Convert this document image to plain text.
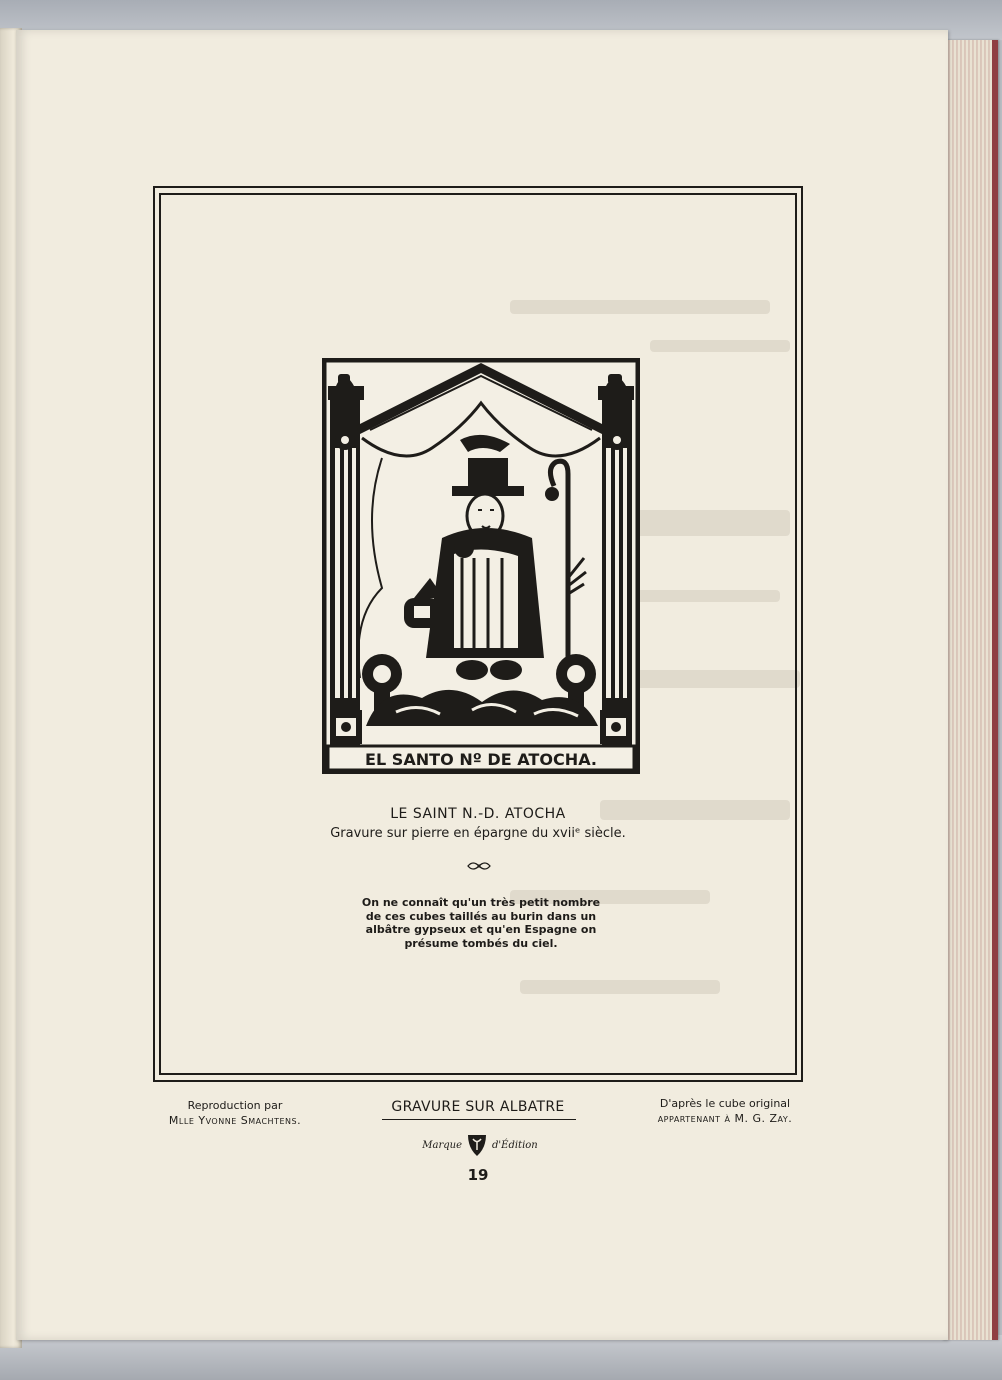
EL SANTO Nº DE ATOCHA.
LE SAINT N.-D. ATOCHA
Gravure sur pierre en épargne du xviiᵉ siècle.
On ne connaît qu'un très petit nombre
de ces cubes taillés au burin dans un
albâtre gypseux et qu'en Espagne on
présume tombés du ciel.
Reproduction par
Mlle Yvonne Smachtens.
GRAVURE SUR ALBATRE	D'après le cube original
appartenant à M. G. Zay.
Marque	d'Édition
19
